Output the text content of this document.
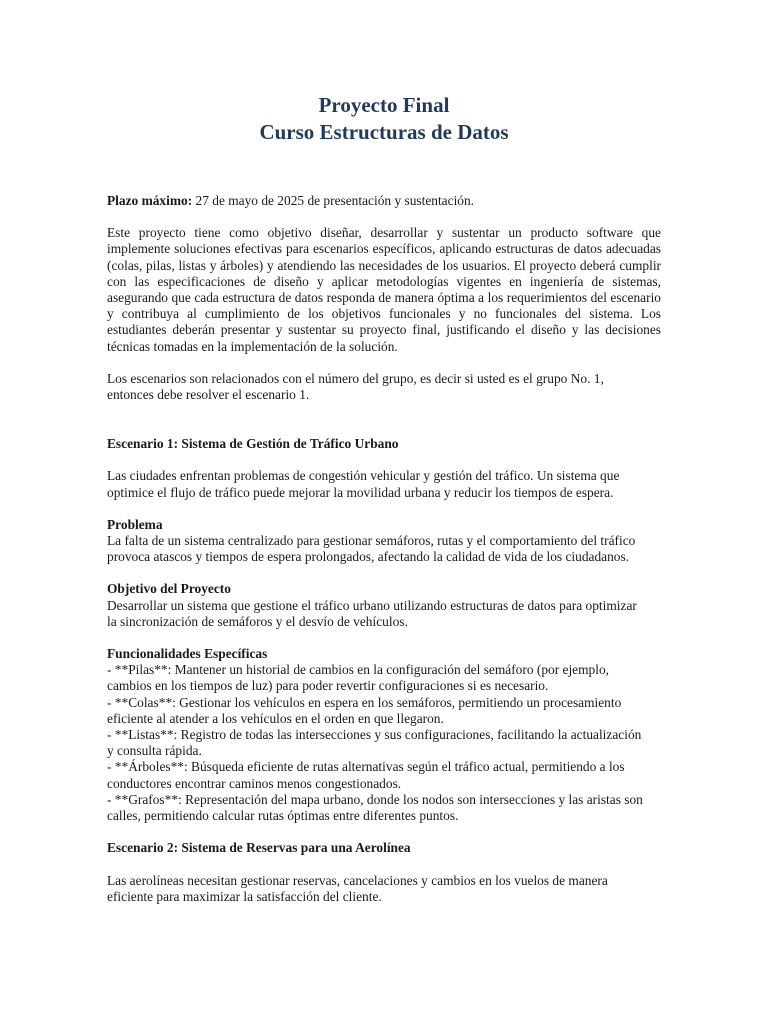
Proyecto Final
Curso Estructuras de Datos

Plazo máximo: 27 de mayo de 2025 de presentación y sustentación.

Este proyecto tiene como objetivo diseñar, desarrollar y sustentar un producto software que implemente soluciones efectivas para escenarios específicos, aplicando estructuras de datos adecuadas (colas, pilas, listas y árboles) y atendiendo las necesidades de los usuarios. El proyecto deberá cumplir con las especificaciones de diseño y aplicar metodologías vigentes en ingeniería de sistemas, asegurando que cada estructura de datos responda de manera óptima a los requerimientos del escenario y contribuya al cumplimiento de los objetivos funcionales y no funcionales del sistema. Los estudiantes deberán presentar y sustentar su proyecto final, justificando el diseño y las decisiones técnicas tomadas en la implementación de la solución.

Los escenarios son relacionados con el número del grupo, es decir si usted es el grupo No. 1,
entonces debe resolver el escenario 1.

Escenario 1: Sistema de Gestión de Tráfico Urbano

Las ciudades enfrentan problemas de congestión vehicular y gestión del tráfico. Un sistema que
optimice el flujo de tráfico puede mejorar la movilidad urbana y reducir los tiempos de espera.

Problema

La falta de un sistema centralizado para gestionar semáforos, rutas y el comportamiento del tráfico
provoca atascos y tiempos de espera prolongados, afectando la calidad de vida de los ciudadanos.

Objetivo del Proyecto

Desarrollar un sistema que gestione el tráfico urbano utilizando estructuras de datos para optimizar
la sincronización de semáforos y el desvío de vehículos.

Funcionalidades Específicas

- **Pilas**: Mantener un historial de cambios en la configuración del semáforo (por ejemplo,
cambios en los tiempos de luz) para poder revertir configuraciones si es necesario.

- **Colas**: Gestionar los vehículos en espera en los semáforos, permitiendo un procesamiento
eficiente al atender a los vehículos en el orden en que llegaron.

- **Listas**: Registro de todas las intersecciones y sus configuraciones, facilitando la actualización
y consulta rápida.

- **Árboles**: Búsqueda eficiente de rutas alternativas según el tráfico actual, permitiendo a los
conductores encontrar caminos menos congestionados.

- **Grafos**: Representación del mapa urbano, donde los nodos son intersecciones y las aristas son
calles, permitiendo calcular rutas óptimas entre diferentes puntos.

Escenario 2: Sistema de Reservas para una Aerolínea

Las aerolíneas necesitan gestionar reservas, cancelaciones y cambios en los vuelos de manera
eficiente para maximizar la satisfacción del cliente.
